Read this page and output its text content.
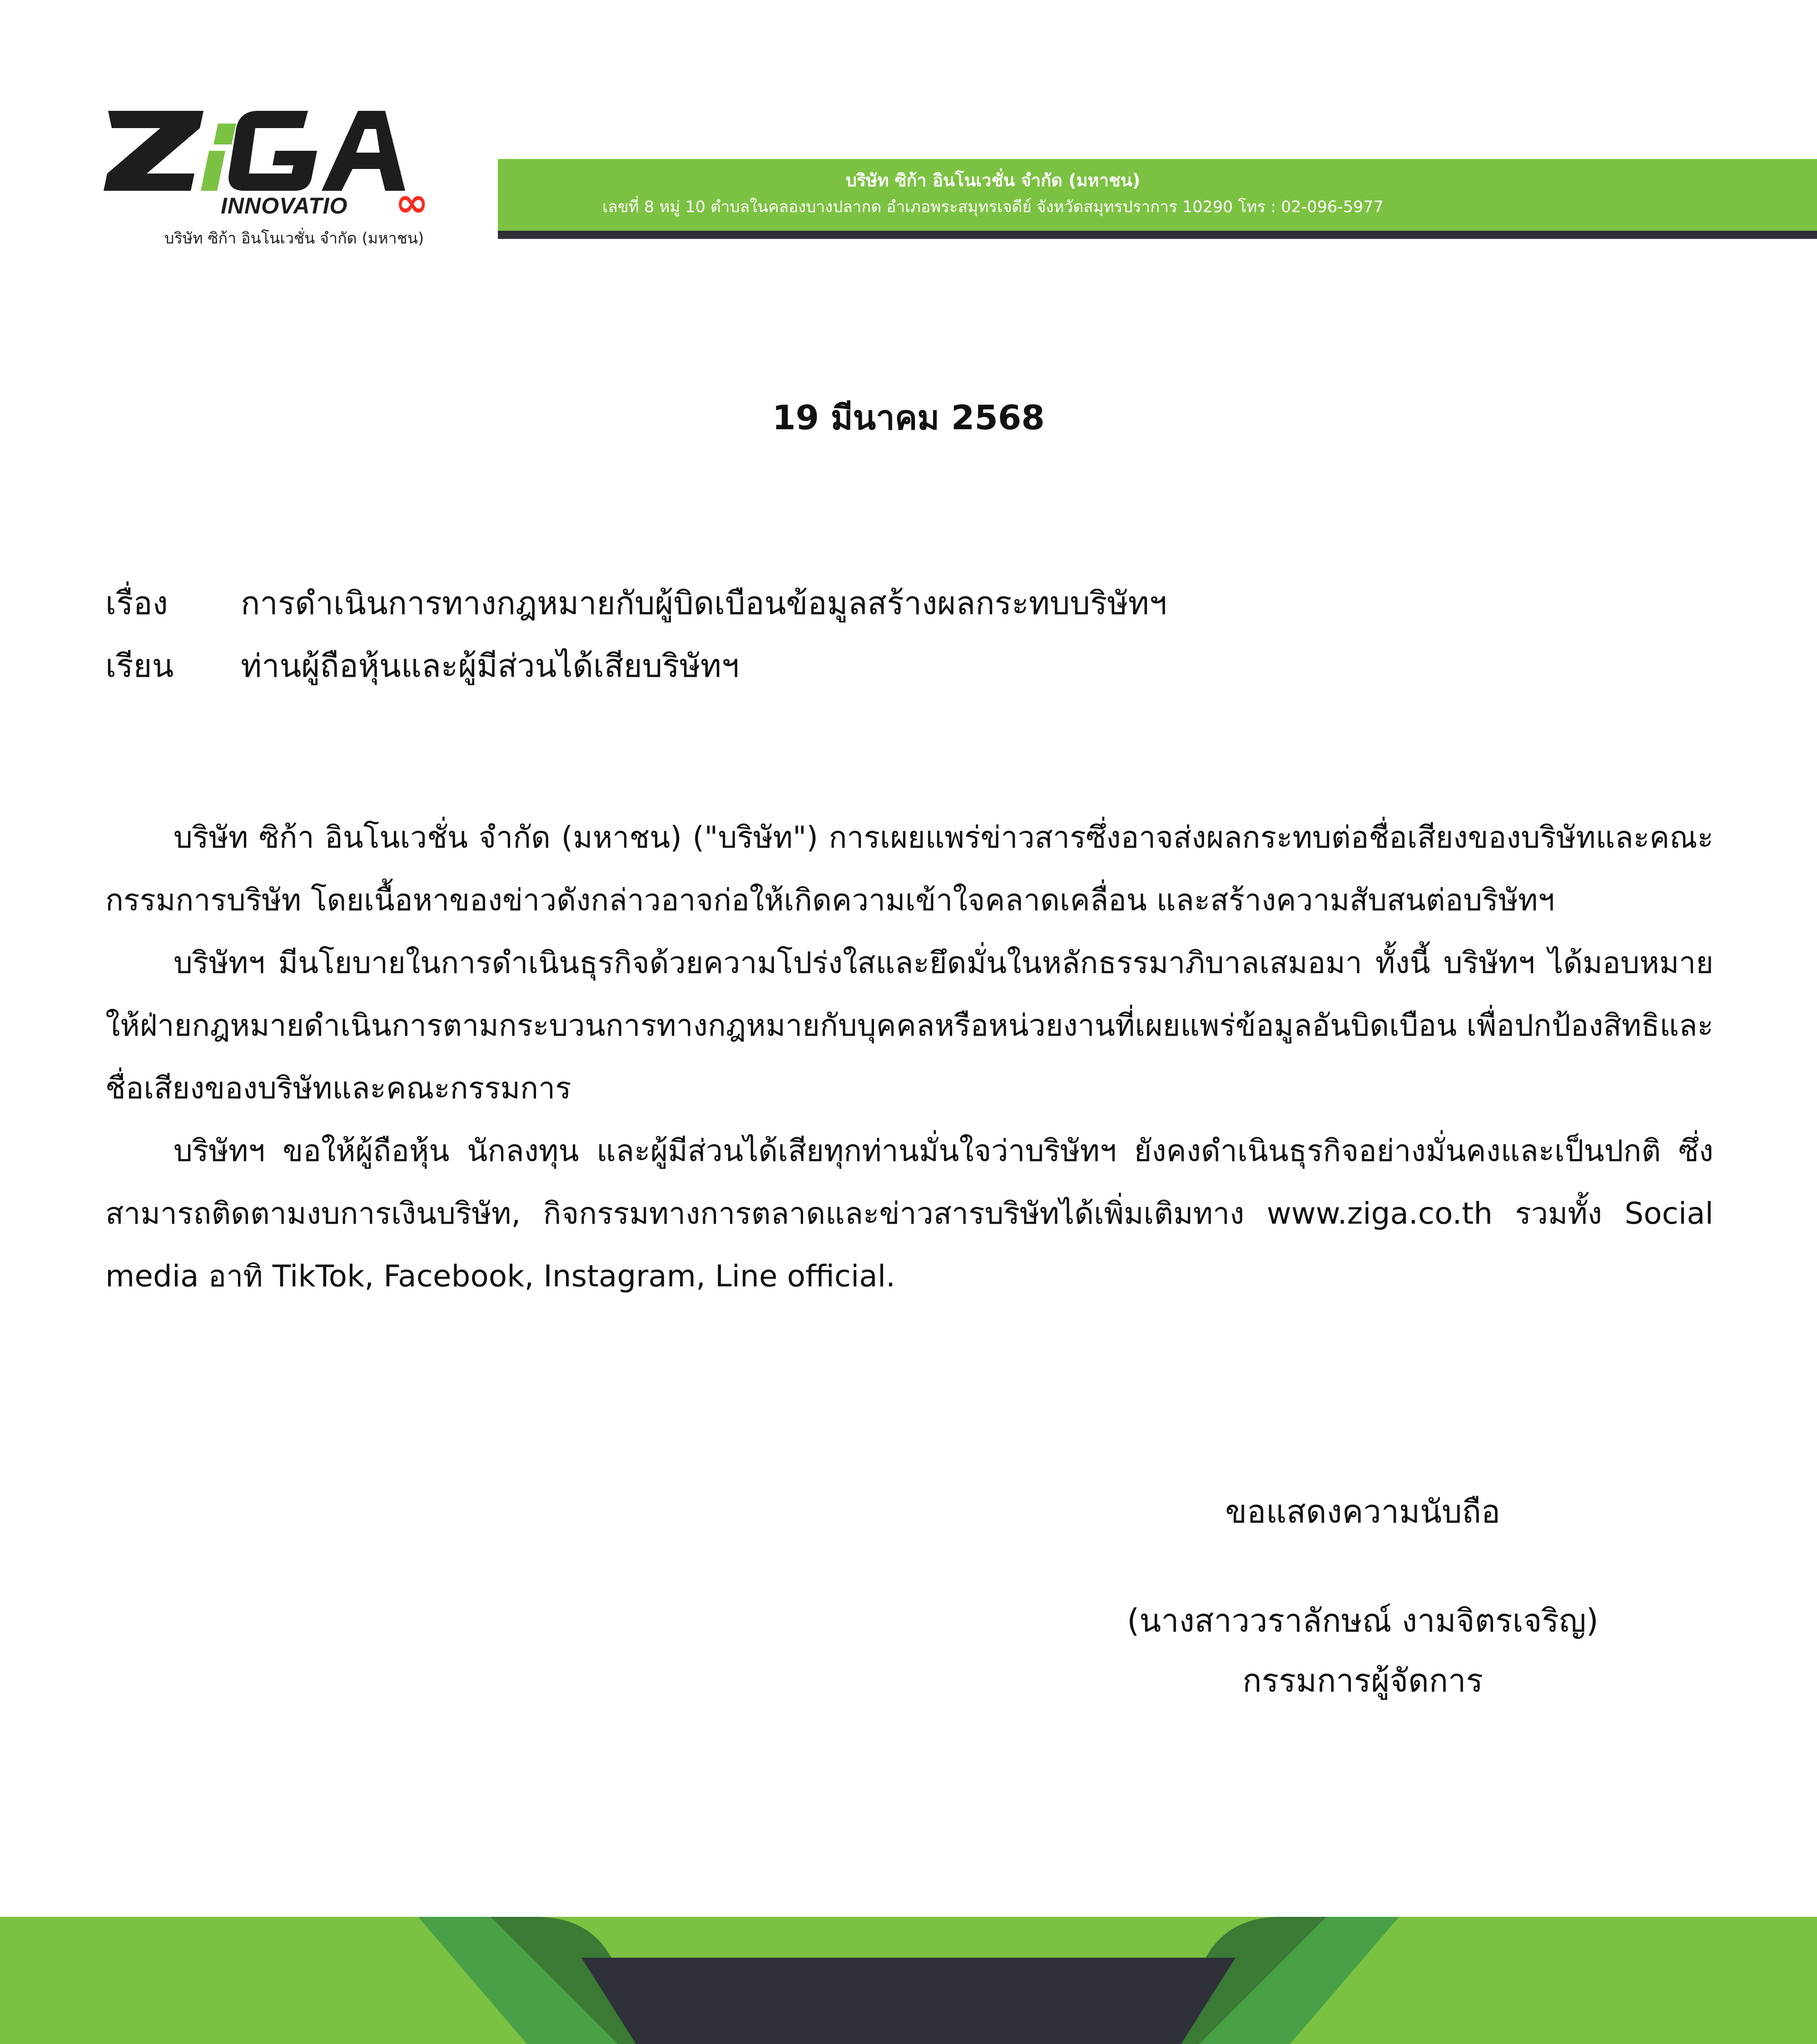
INNOVATIO ∞
บริษัท ซิก้า อินโนเวชั่น จำกัด (มหาชน)
บริษัท ซิก้า อินโนเวชั่น จำกัด (มหาชน)
เลขที่ 8 หมู่ 10 ตำบลในคลองบางปลากด อำเภอพระสมุทรเจดีย์ จังหวัดสมุทรปราการ 10290 โทร : 02-096-5977
19 มีนาคม 2568
เรื่อง การดำเนินการทางกฎหมายกับผู้บิดเบือนข้อมูลสร้างผลกระทบบริษัทฯ
เรียน ท่านผู้ถือหุ้นและผู้มีส่วนได้เสียบริษัทฯ

บริษัท ซิก้า อินโนเวชั่น จำกัด (มหาชน) ("บริษัท") การเผยแพร่ข่าวสารซึ่งอาจส่งผลกระทบต่อชื่อเสียงของบริษัทและคณะกรรมการบริษัท โดยเนื้อหาของข่าวดังกล่าวอาจก่อให้เกิดความเข้าใจคลาดเคลื่อน และสร้างความสับสนต่อบริษัทฯ

บริษัทฯ มีนโยบายในการดำเนินธุรกิจด้วยความโปร่งใสและยึดมั่นในหลักธรรมาภิบาลเสมอมา ทั้งนี้ บริษัทฯ ได้มอบหมายให้ฝ่ายกฎหมายดำเนินการตามกระบวนการทางกฎหมายกับบุคคลหรือหน่วยงานที่เผยแพร่ข้อมูลอันบิดเบือน เพื่อปกป้องสิทธิและชื่อเสียงของบริษัทและคณะกรรมการ

บริษัทฯ ขอให้ผู้ถือหุ้น นักลงทุน และผู้มีส่วนได้เสียทุกท่านมั่นใจว่าบริษัทฯ ยังคงดำเนินธุรกิจอย่างมั่นคงและเป็นปกติ ซึ่งสามารถติดตามงบการเงินบริษัท, กิจกรรมทางการตลาดและข่าวสารบริษัทได้เพิ่มเติมทาง www.ziga.co.th รวมทั้ง Social media อาทิ TikTok, Facebook, Instagram, Line official.

ขอแสดงความนับถือ
(นางสาววราลักษณ์ งามจิตรเจริญ)
กรรมการผู้จัดการ
